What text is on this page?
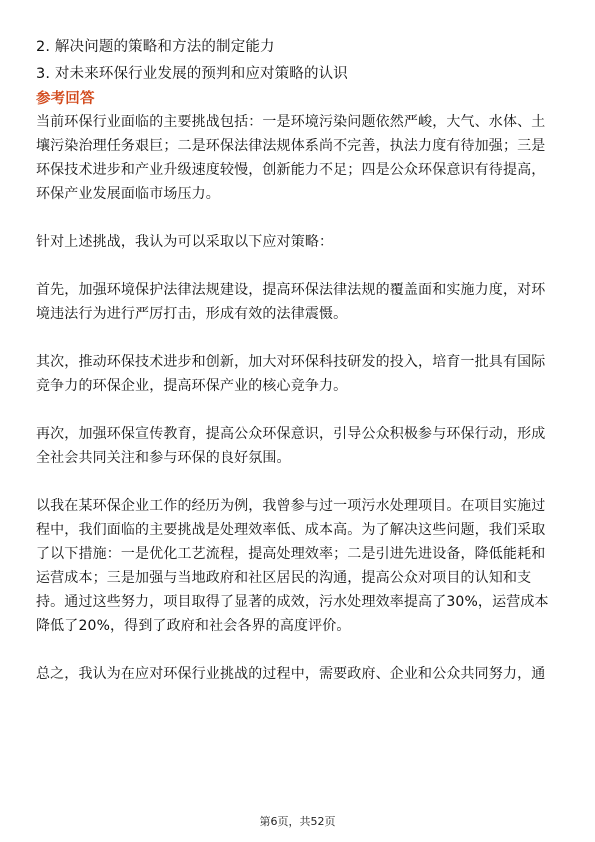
2. 解决问题的策略和方法的制定能力
3. 对未来环保行业发展的预判和应对策略的认识
参考回答
当前环保行业面临的主要挑战包括：一是环境污染问题依然严峻，大气、水体、土
壤污染治理任务艰巨；二是环保法律法规体系尚不完善，执法力度有待加强；三是
环保技术进步和产业升级速度较慢，创新能力不足；四是公众环保意识有待提高，
环保产业发展面临市场压力。
针对上述挑战，我认为可以采取以下应对策略：
首先，加强环境保护法律法规建设，提高环保法律法规的覆盖面和实施力度，对环
境违法行为进行严厉打击，形成有效的法律震慑。
其次，推动环保技术进步和创新，加大对环保科技研发的投入，培育一批具有国际
竞争力的环保企业，提高环保产业的核心竞争力。
再次，加强环保宣传教育，提高公众环保意识，引导公众积极参与环保行动，形成
全社会共同关注和参与环保的良好氛围。
以我在某环保企业工作的经历为例，我曾参与过一项污水处理项目。在项目实施过
程中，我们面临的主要挑战是处理效率低、成本高。为了解决这些问题，我们采取
了以下措施：一是优化工艺流程，提高处理效率；二是引进先进设备，降低能耗和
运营成本；三是加强与当地政府和社区居民的沟通，提高公众对项目的认知和支
持。通过这些努力，项目取得了显著的成效，污水处理效率提高了30%，运营成本
降低了20%，得到了政府和社会各界的高度评价。
总之，我认为在应对环保行业挑战的过程中，需要政府、企业和公众共同努力，通
第6页，共52页
